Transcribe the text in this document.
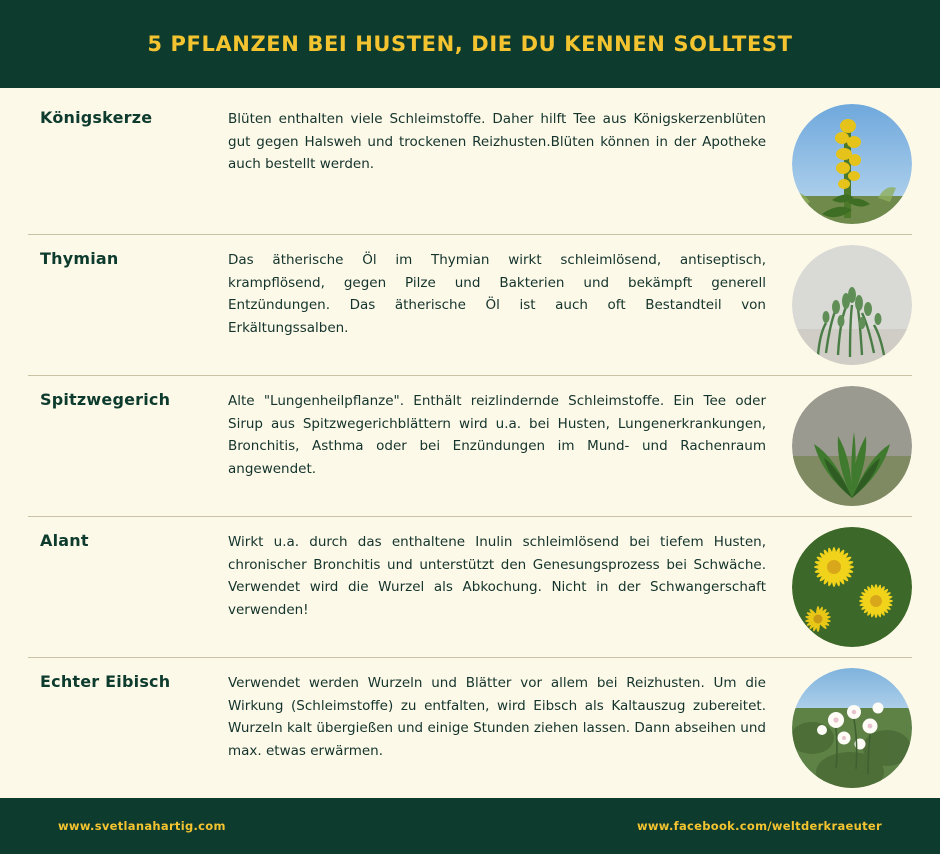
5 PFLANZEN BEI HUSTEN, DIE DU KENNEN SOLLTEST
Königskerze	Blüten enthalten viele Schleimstoffe. Daher hilft Tee aus Königskerzenblüten gut gegen Halsweh und trockenen Reizhusten.Blüten können in der Apotheke auch bestellt werden.
Thymian	Das ätherische Öl im Thymian wirkt schleimlösend, antiseptisch, krampflösend, gegen Pilze und Bakterien und bekämpft generell Entzündungen. Das ätherische Öl ist auch oft Bestandteil von Erkältungssalben.
Spitzwegerich	Alte "Lungenheilpflanze". Enthält reizlindernde Schleimstoffe. Ein Tee oder Sirup aus Spitzwegerichblättern wird u.a. bei Husten, Lungenerkrankungen, Bronchitis, Asthma oder bei Enzündungen im Mund- und Rachenraum angewendet.
Alant	Wirkt u.a. durch das enthaltene Inulin schleimlösend bei tiefem Husten, chronischer Bronchitis und unterstützt den Genesungsprozess bei Schwäche. Verwendet wird die Wurzel als Abkochung. Nicht in der Schwangerschaft verwenden!
Echter Eibisch	Verwendet werden Wurzeln und Blätter vor allem bei Reizhusten. Um die Wirkung (Schleimstoffe) zu entfalten, wird Eibsch als Kaltauszug zubereitet. Wurzeln kalt übergießen und einige Stunden ziehen lassen. Dann abseihen und max. etwas erwärmen.
www.svetlanahartig.com	www.facebook.com/weltderkraeuter
